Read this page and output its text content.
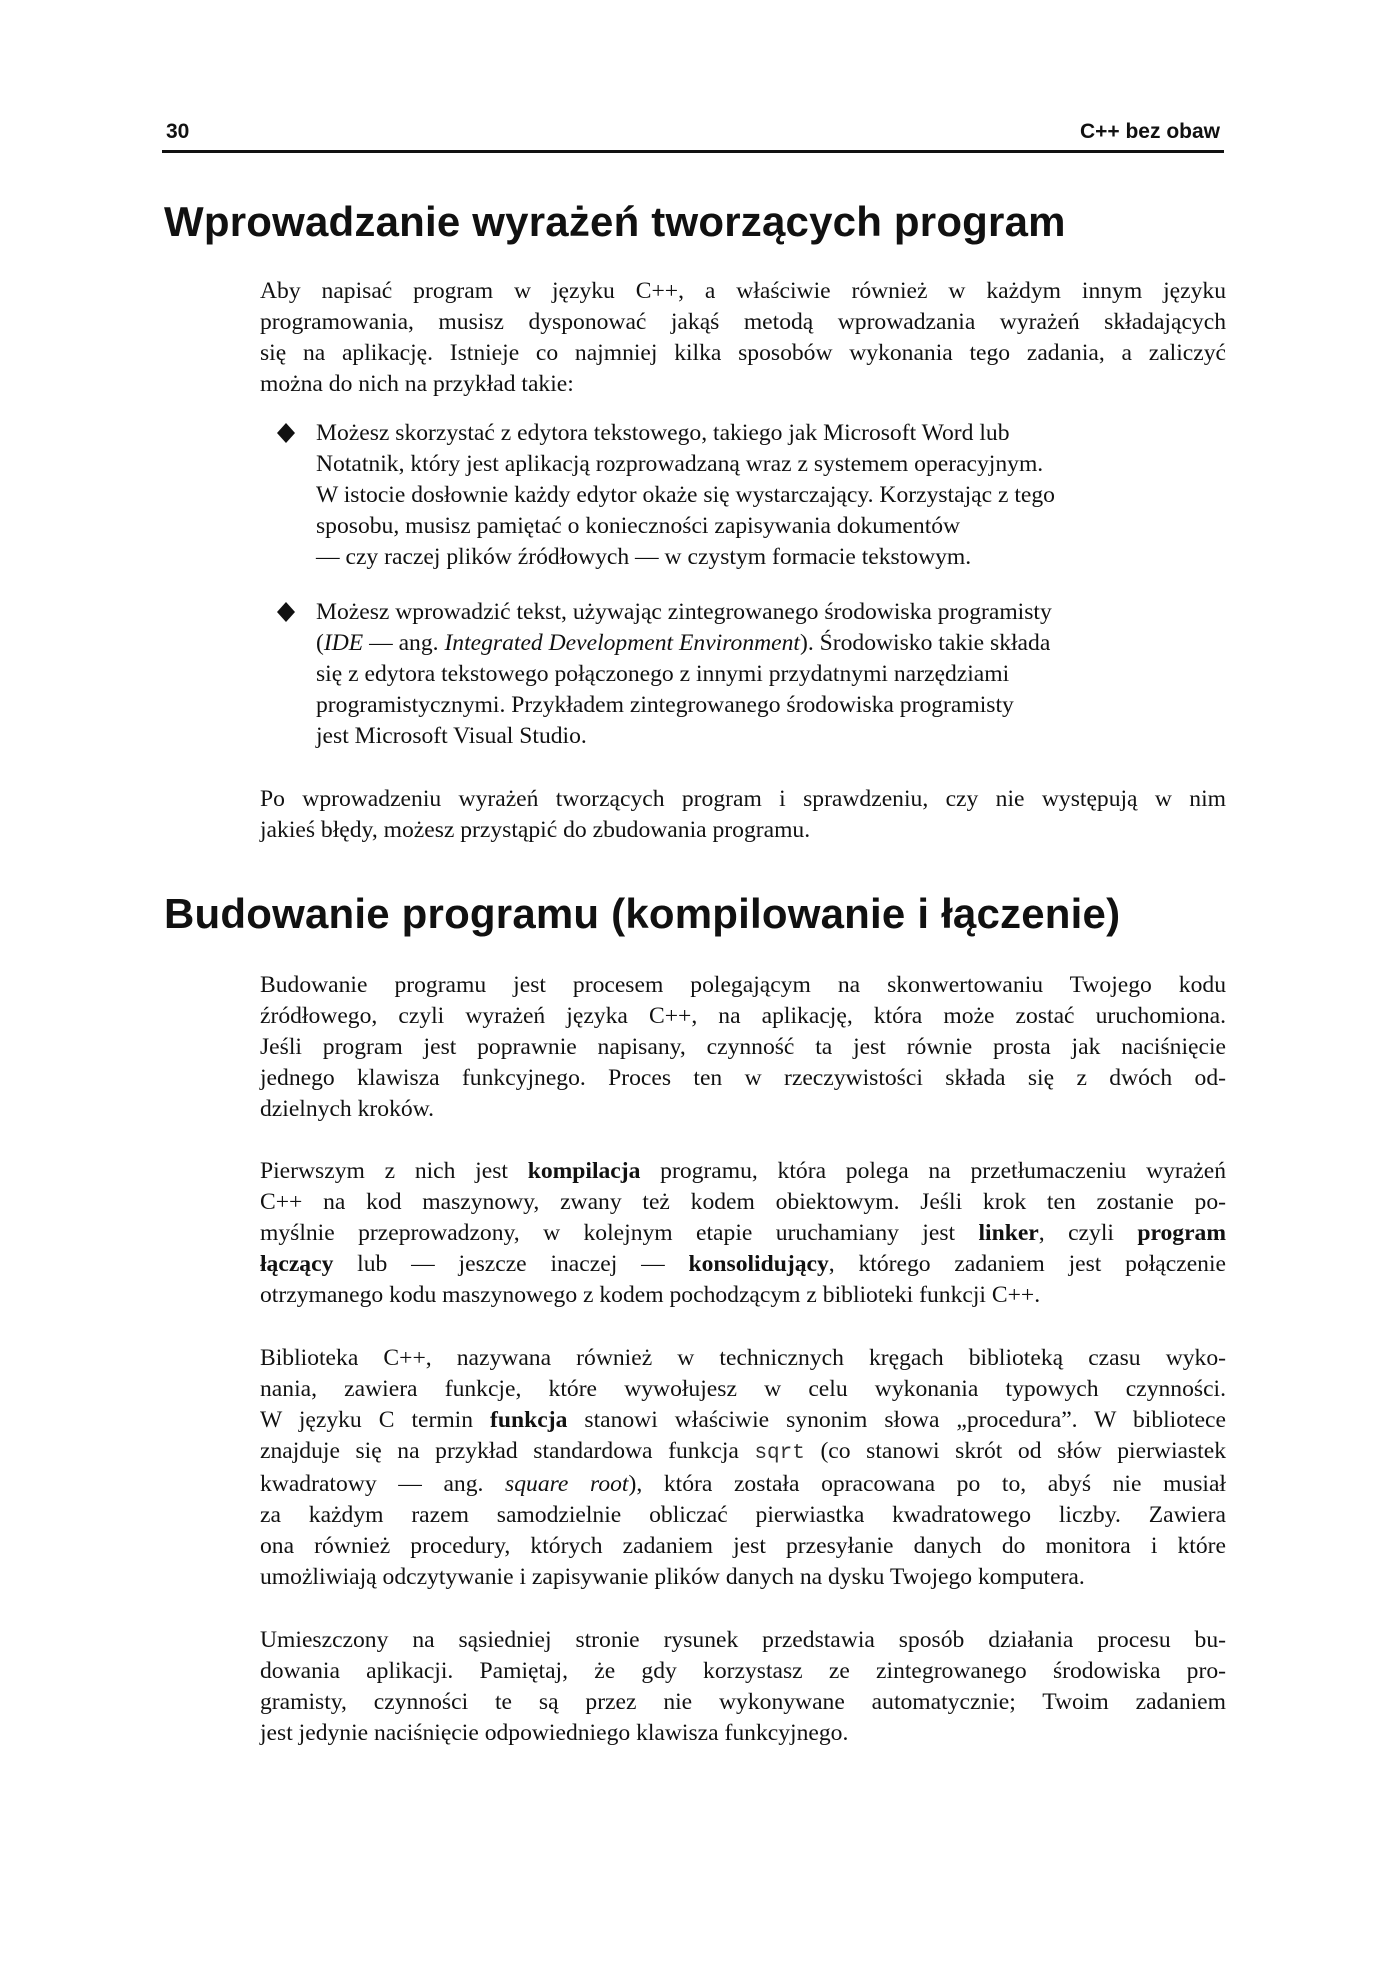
30	C++ bez obaw
Wprowadzanie wyrażeń tworzących program
Aby napisać program w języku C++, a właściwie również w każdym innym języku
programowania, musisz dysponować jakąś metodą wprowadzania wyrażeń składających
się na aplikację. Istnieje co najmniej kilka sposobów wykonania tego zadania, a zaliczyć
można do nich na przykład takie:
Możesz skorzystać z edytora tekstowego, takiego jak Microsoft Word lub
Notatnik, który jest aplikacją rozprowadzaną wraz z systemem operacyjnym.
W istocie dosłownie każdy edytor okaże się wystarczający. Korzystając z tego
sposobu, musisz pamiętać o konieczności zapisywania dokumentów
— czy raczej plików źródłowych — w czystym formacie tekstowym.
Możesz wprowadzić tekst, używając zintegrowanego środowiska programisty
(IDE — ang. Integrated Development Environment). Środowisko takie składa
się z edytora tekstowego połączonego z innymi przydatnymi narzędziami
programistycznymi. Przykładem zintegrowanego środowiska programisty
jest Microsoft Visual Studio.
Po wprowadzeniu wyrażeń tworzących program i sprawdzeniu, czy nie występują w nim
jakieś błędy, możesz przystąpić do zbudowania programu.
Budowanie programu (kompilowanie i łączenie)
Budowanie programu jest procesem polegającym na skonwertowaniu Twojego kodu
źródłowego, czyli wyrażeń języka C++, na aplikację, która może zostać uruchomiona.
Jeśli program jest poprawnie napisany, czynność ta jest równie prosta jak naciśnięcie
jednego klawisza funkcyjnego. Proces ten w rzeczywistości składa się z dwóch od-
dzielnych kroków.
Pierwszym z nich jest kompilacja programu, która polega na przetłumaczeniu wyrażeń
C++ na kod maszynowy, zwany też kodem obiektowym. Jeśli krok ten zostanie po-
myślnie przeprowadzony, w kolejnym etapie uruchamiany jest linker, czyli program
łączący lub — jeszcze inaczej — konsolidujący, którego zadaniem jest połączenie
otrzymanego kodu maszynowego z kodem pochodzącym z biblioteki funkcji C++.
Biblioteka C++, nazywana również w technicznych kręgach biblioteką czasu wyko-
nania, zawiera funkcje, które wywołujesz w celu wykonania typowych czynności.
W języku C termin funkcja stanowi właściwie synonim słowa „procedura”. W bibliotece
znajduje się na przykład standardowa funkcja sqrt (co stanowi skrót od słów pierwiastek
kwadratowy — ang. square root), która została opracowana po to, abyś nie musiał
za każdym razem samodzielnie obliczać pierwiastka kwadratowego liczby. Zawiera
ona również procedury, których zadaniem jest przesyłanie danych do monitora i które
umożliwiają odczytywanie i zapisywanie plików danych na dysku Twojego komputera.
Umieszczony na sąsiedniej stronie rysunek przedstawia sposób działania procesu bu-
dowania aplikacji. Pamiętaj, że gdy korzystasz ze zintegrowanego środowiska pro-
gramisty, czynności te są przez nie wykonywane automatycznie; Twoim zadaniem
jest jedynie naciśnięcie odpowiedniego klawisza funkcyjnego.
